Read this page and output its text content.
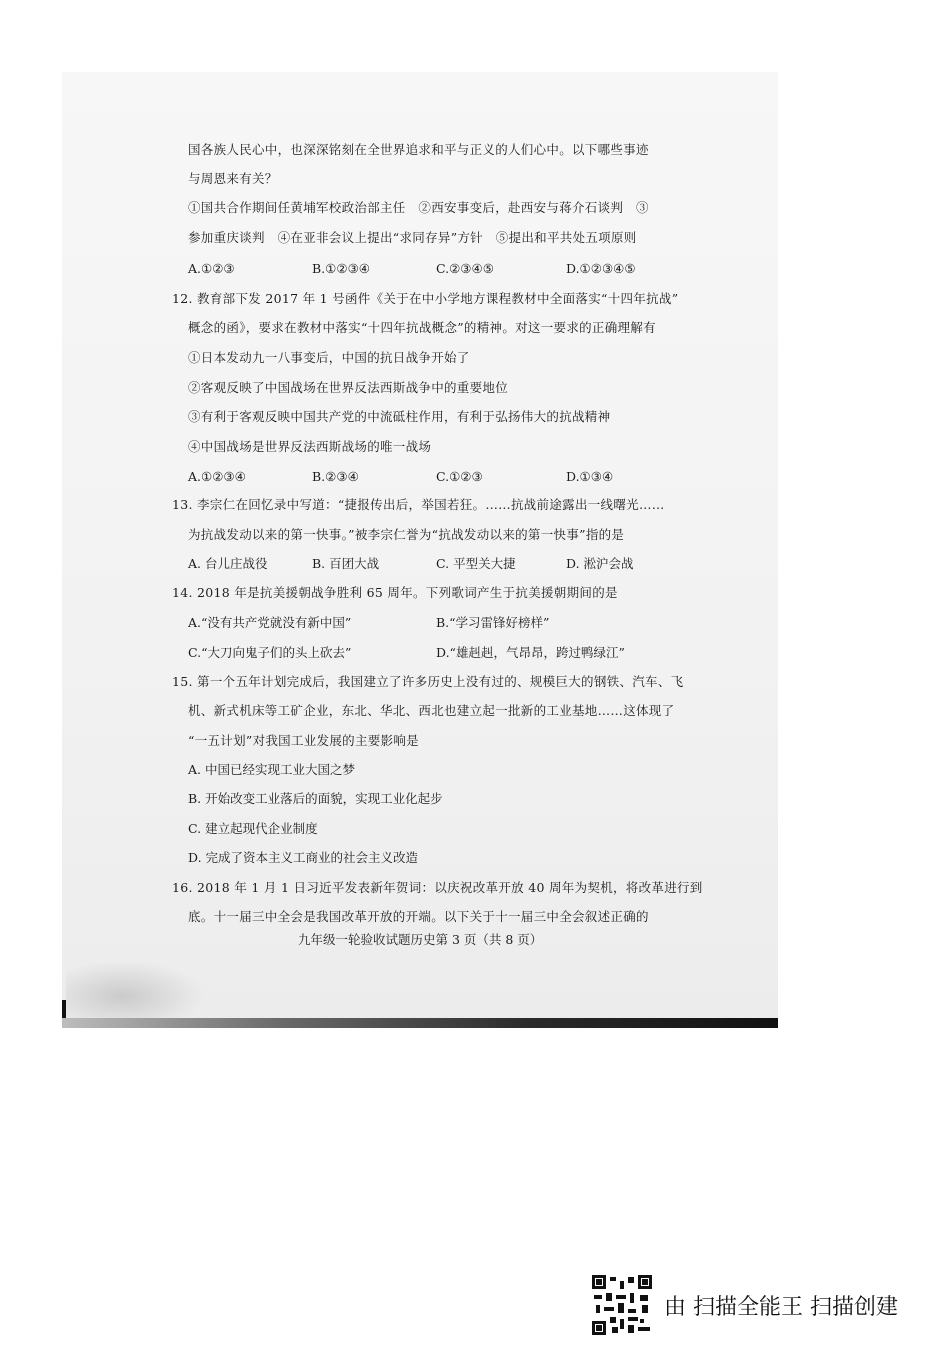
国各族人民心中，也深深铭刻在全世界追求和平与正义的人们心中。以下哪些事迹
与周恩来有关？
①国共合作期间任黄埔军校政治部主任　②西安事变后，赴西安与蒋介石谈判　③
参加重庆谈判　④在亚非会议上提出“求同存异”方针　⑤提出和平共处五项原则
A.①②③	B.①②③④	C.②③④⑤	D.①②③④⑤
12. 教育部下发 2017 年 1 号函件《关于在中小学地方课程教材中全面落实“十四年抗战”
概念的函》，要求在教材中落实“十四年抗战概念”的精神。对这一要求的正确理解有
①日本发动九一八事变后，中国的抗日战争开始了
②客观反映了中国战场在世界反法西斯战争中的重要地位
③有利于客观反映中国共产党的中流砥柱作用，有利于弘扬伟大的抗战精神
④中国战场是世界反法西斯战场的唯一战场
A.①②③④	B.②③④	C.①②③	D.①③④
13. 李宗仁在回忆录中写道：“捷报传出后，举国若狂。……抗战前途露出一线曙光……
为抗战发动以来的第一快事。”被李宗仁誉为“抗战发动以来的第一快事”指的是
A. 台儿庄战役	B. 百团大战	C. 平型关大捷	D. 淞沪会战
14. 2018 年是抗美援朝战争胜利 65 周年。下列歌词产生于抗美援朝期间的是
A.“没有共产党就没有新中国”	B.“学习雷锋好榜样”
C.“大刀向鬼子们的头上砍去”	D.“雄赳赳，气昂昂，跨过鸭绿江”
15. 第一个五年计划完成后，我国建立了许多历史上没有过的、规模巨大的钢铁、汽车、飞
机、新式机床等工矿企业，东北、华北、西北也建立起一批新的工业基地……这体现了
“一五计划”对我国工业发展的主要影响是
A. 中国已经实现工业大国之梦
B. 开始改变工业落后的面貌，实现工业化起步
C. 建立起现代企业制度
D. 完成了资本主义工商业的社会主义改造
16. 2018 年 1 月 1 日习近平发表新年贺词：以庆祝改革开放 40 周年为契机，将改革进行到
底。十一届三中全会是我国改革开放的开端。以下关于十一届三中全会叙述正确的
九年级一轮验收试题历史第 3 页（共 8 页）
由 扫描全能王 扫描创建
